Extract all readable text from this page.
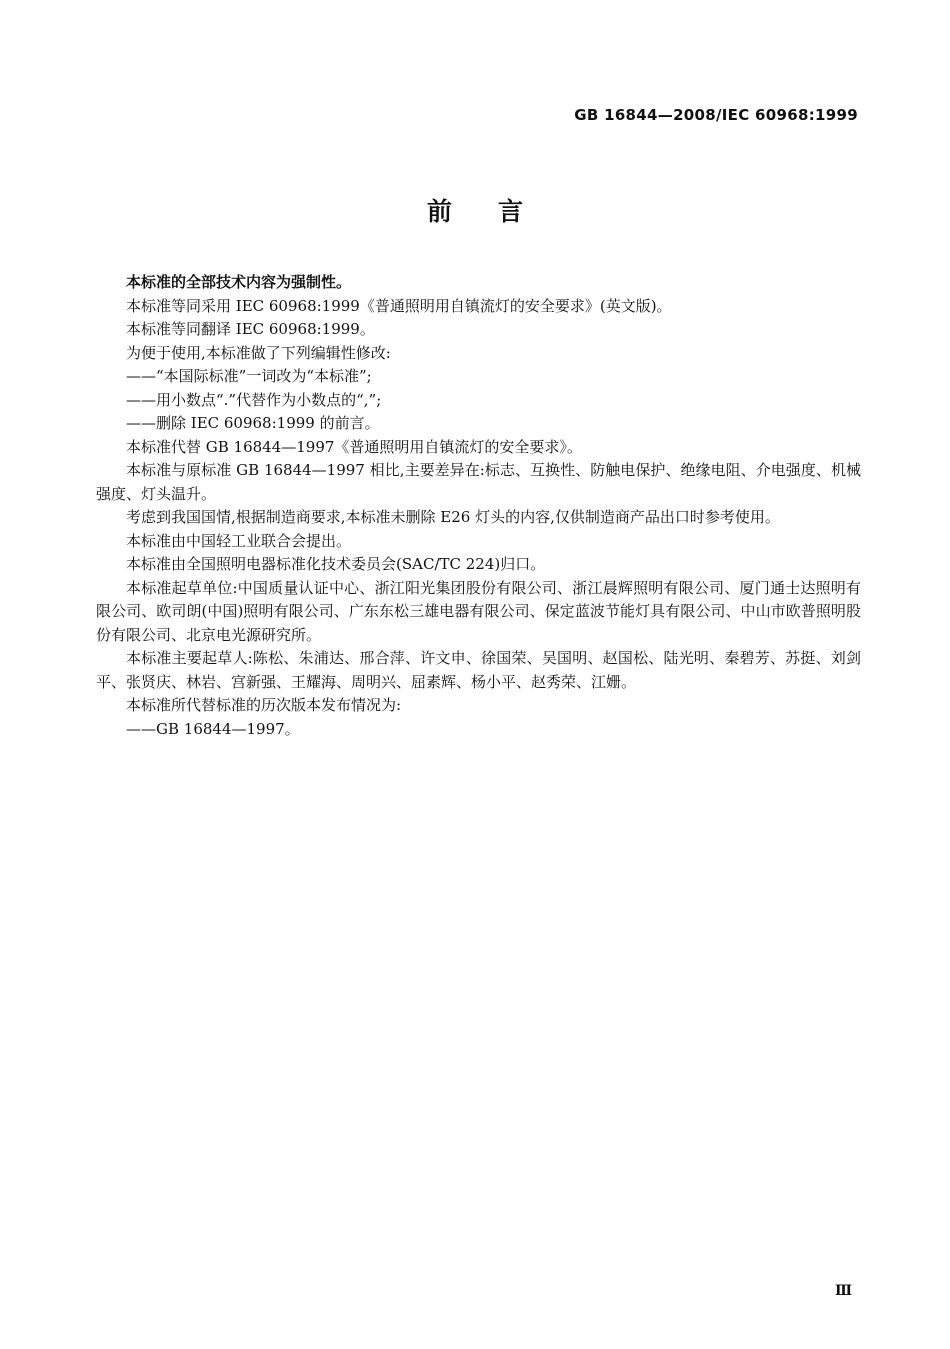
GB 16844—2008/IEC 60968:1999
前言

本标准的全部技术内容为强制性。

本标准等同采用 IEC 60968:1999《普通照明用自镇流灯的安全要求》(英文版)。

本标准等同翻译 IEC 60968:1999。

为便于使用,本标准做了下列编辑性修改:

——“本国际标准”一词改为“本标准”;

——用小数点“.”代替作为小数点的“,”;

——删除 IEC 60968:1999 的前言。

本标准代替 GB 16844—1997《普通照明用自镇流灯的安全要求》。

本标准与原标准 GB 16844—1997 相比,主要差异在:标志、互换性、防触电保护、绝缘电阻、介电强度、机械强度、灯头温升。

考虑到我国国情,根据制造商要求,本标准未删除 E26 灯头的内容,仅供制造商产品出口时参考使用。

本标准由中国轻工业联合会提出。

本标准由全国照明电器标准化技术委员会(SAC/TC 224)归口。

本标准起草单位:中国质量认证中心、浙江阳光集团股份有限公司、浙江晨辉照明有限公司、厦门通士达照明有限公司、欧司朗(中国)照明有限公司、广东东松三雄电器有限公司、保定蓝波节能灯具有限公司、中山市欧普照明股份有限公司、北京电光源研究所。

本标准主要起草人:陈松、朱浦达、邢合萍、许文申、徐国荣、吴国明、赵国松、陆光明、秦碧芳、苏挺、刘剑平、张贤庆、林岩、宫新强、王耀海、周明兴、屈素辉、杨小平、赵秀荣、江姗。

本标准所代替标准的历次版本发布情况为:

——GB 16844—1997。

Ⅲ
